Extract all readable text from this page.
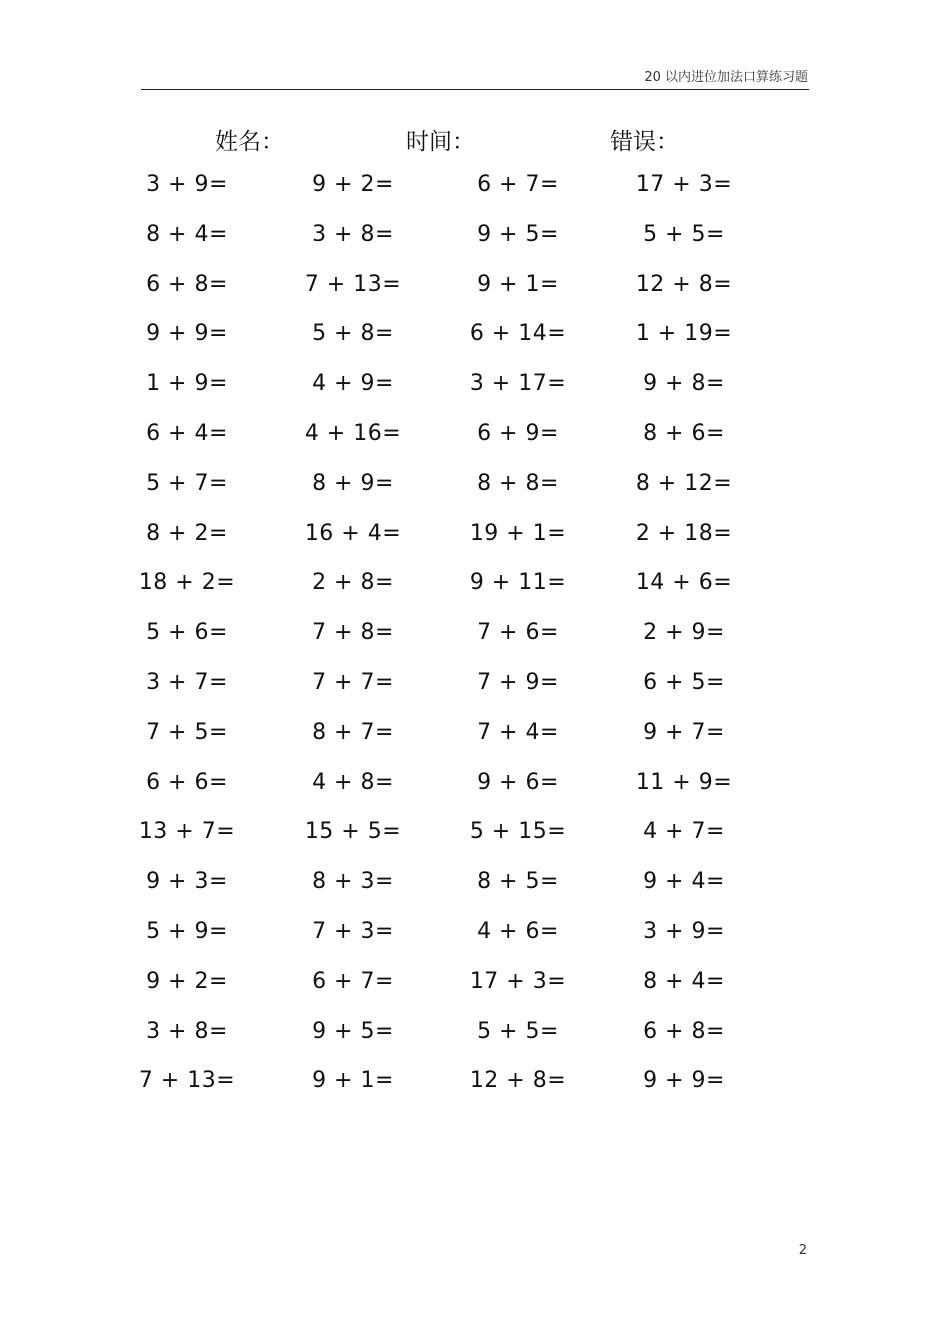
20 以内进位加法口算练习题
姓名：	时间：	错误：
3 + 9=	9 + 2=	6 + 7=	17 + 3=
8 + 4=	3 + 8=	9 + 5=	5 + 5=
6 + 8=	7 + 13=	9 + 1=	12 + 8=
9 + 9=	5 + 8=	6 + 14=	1 + 19=
1 + 9=	4 + 9=	3 + 17=	9 + 8=
6 + 4=	4 + 16=	6 + 9=	8 + 6=
5 + 7=	8 + 9=	8 + 8=	8 + 12=
8 + 2=	16 + 4=	19 + 1=	2 + 18=
18 + 2=	2 + 8=	9 + 11=	14 + 6=
5 + 6=	7 + 8=	7 + 6=	2 + 9=
3 + 7=	7 + 7=	7 + 9=	6 + 5=
7 + 5=	8 + 7=	7 + 4=	9 + 7=
6 + 6=	4 + 8=	9 + 6=	11 + 9=
13 + 7=	15 + 5=	5 + 15=	4 + 7=
9 + 3=	8 + 3=	8 + 5=	9 + 4=
5 + 9=	7 + 3=	4 + 6=	3 + 9=
9 + 2=	6 + 7=	17 + 3=	8 + 4=
3 + 8=	9 + 5=	5 + 5=	6 + 8=
7 + 13=	9 + 1=	12 + 8=	9 + 9=
2
